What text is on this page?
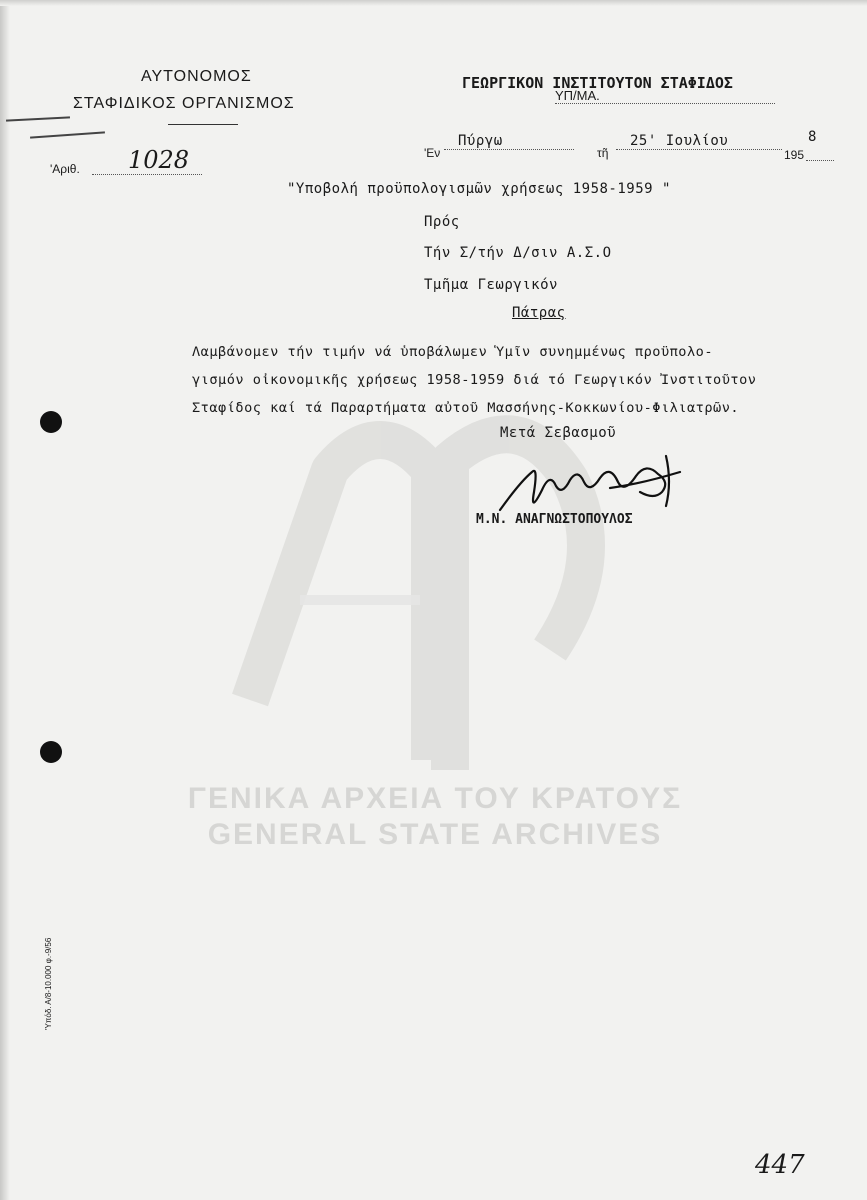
ΓΕΝΙΚΑ ΑΡΧΕΙΑ ΤΟΥ ΚΡΑΤΟΥΣ
GENERAL STATE ARCHIVES
ΑΥΤΟΝΟΜΟΣ
ΣΤΑΦΙΔΙΚΟΣ ΟΡΓΑΝΙΣΜΟΣ
'Αριθ.	1028
ΓΕΩΡΓΙΚΟΝ ΙΝΣΤΙΤΟΥΤΟΝ ΣΤΑΦΙΔΟΣ
ΥΠ/ΜΑ.
'Εν
Πύργω
τῆ
25' Ιουλίου
195
8
"Υποβολή προϋπολογισμῶν χρήσεως 1958-1959 "
Πρός
Τήν Σ/τήν Δ/σιν Α.Σ.Ο
Τμῆμα Γεωργικόν
Πάτρας
Λαμβάνομεν τήν τιμήν νά ὑποβάλωμεν Ὑμῖν συνημμένως προϋπολο-
γισμόν οἰκονομικῆς χρήσεως 1958-1959 διά τό Γεωργικόν Ἰνστιτοῦτον
Σταφίδος καί τά Παραρτήματα αὐτοῦ Μασσήνης-Κοκκωνίου-Φιλιατρῶν.
Μετά Σεβασμοῦ
Μ.Ν. ΑΝΑΓΝΩΣΤΟΠΟΥΛΟΣ
'Υπόδ. Α/8-10.000 φ.-9/56
447
